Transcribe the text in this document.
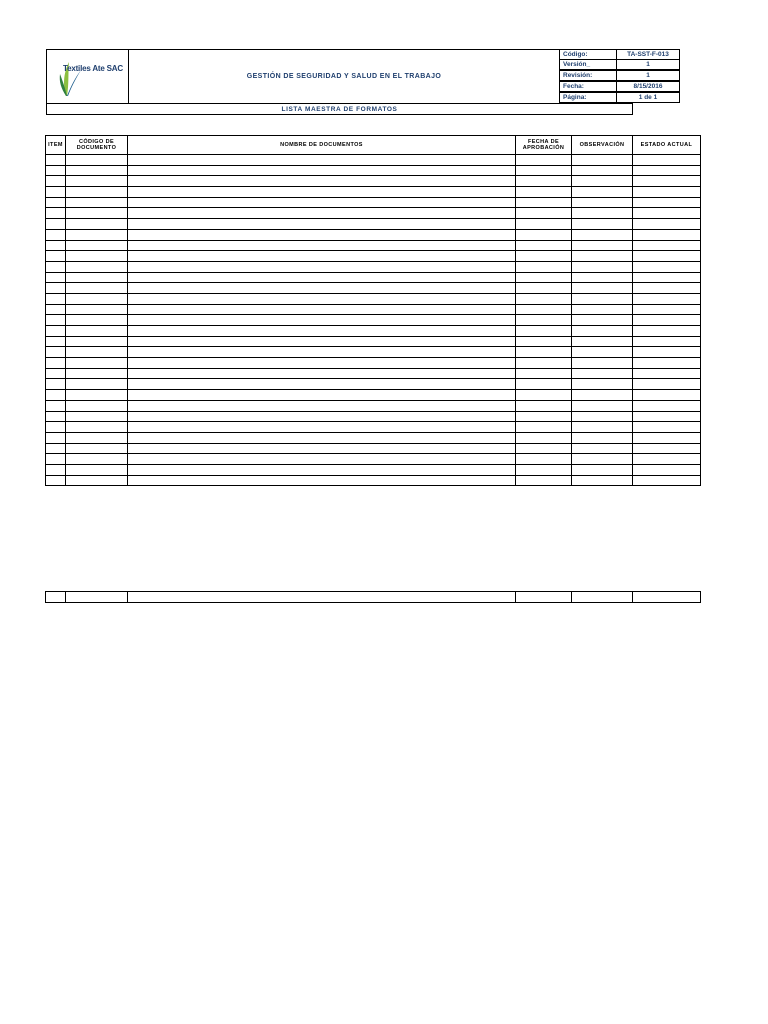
Textiles Ate SAC
GESTIÓN DE SEGURIDAD Y SALUD EN EL TRABAJO
Código:	TA-SST-F-013
Versión_	1
Revisión:	1
Fecha:	8/15/2016
Página:	1 de 1
LISTA MAESTRA DE FORMATOS
ITEM	CÓDIGO DE DOCUMENTO	NOMBRE DE DOCUMENTOS	FECHA DE APROBACIÓN	OBSERVACIÓN	ESTADO ACTUAL
